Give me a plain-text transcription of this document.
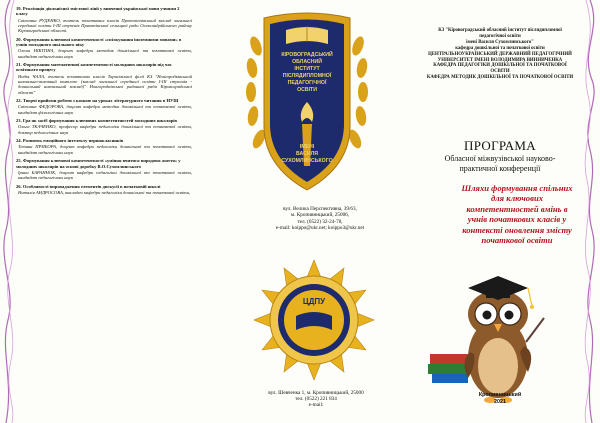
19. Реалізація діяльнісної змістової лінії у вивченні української мови учнями 2 класу
Світлана РУДЕНКО, вчитель початкових класів Протопопівський заклад загальної середньої освіти І-ІІІ ступенів Приютівської селищної ради Олександрійського району Кіровоградської області.
20. Формування ключової компетентності «спілкування іноземними мовами» в учнів молодшого шкільного віку
Олена НІКІТІНА, доцент кафедри методик дошкільної та початкової освіти, кандидат педагогічних наук
21. Формування математичної компетентності молодших школярів під час освітнього процесу
Надія ЧАЛА, вчитель початкових класів Тарасівської філії КЗ "Новгородківський навчально-виховний комплекс (заклад загальної середньої освіти І-ІІІ ступенів - дошкільний навчальний заклад)" Новгородківської районної ради Кіровоградської області"
22. Творчі прийоми роботи з казкою на уроках літературного читання в НУШ
Світлана ФЕДОРОВА, доцент кафедри методик дошкільної та початкової освіти, кандидат філологічних наук
23. Гра як засіб формування ключових компетентностей молодших школярів
Ольга ТКАЧЕНКО, професор кафедри педагогіки дошкільної та початкової освіти, доктор педагогічних наук
24. Розвиток емоційного інтелекту першокласників
Тетяна ПРИБОРА, доцент кафедри педагогіки дошкільної та початкової освіти, кандидат педагогічних наук
25. Формування ключової компетентності «уміння вчитися впродовж життя» у молодших школярів на основі доробку В.О.Сухомлинського
Ірина БАРАННОК, доцент кафедри педагогіки дошкільної та початкової освіти, кандидат педагогічних наук
26. Особливості впровадження елементів дискусії в початковій школі
Наталія АНДРОСОВА, викладач кафедри педагогіки дошкільної та початкової освіти,
КІРОВОГРАДСЬКИЙ
ОБЛАСНИЙ
ІНСТИТУТ
ПІСЛЯДИПЛОМНОЇ
ПЕДАГОГІЧНОЇ
ОСВІТИ
ІМЕНІ
ВАСИЛЯ
СУХОМЛИНСЬКОГО
вул. Велика Перспективна, 39/63,
м. Кропивницький, 25006,
тел. (0522) 32-24-78,
e-mail: koippo@ukr.net; koippo3@ukr.net
ЦДПУ
вул. Шевченка 1, м. Кропивницький, 25000
тел. (0522) 221 834
e-mail:
КЗ "Кіровоградський обласний інститут післядипломної
педагогічної освіти
імені Василя Сухомлинського"
кафедра дошкільної та початкової освіти
ЦЕНТРАЛЬНОУКРАЇНСЬКИЙ ДЕРЖАВНИЙ ПЕДАГОГІЧНИЙ
УНІВЕРСИТЕТ ІМЕНІ ВОЛОДИМИРА ВИННИЧЕНКА
КАФЕДРА ПЕДАГОГІКИ ДОШКІЛЬНОЇ ТА ПОЧАТКОВОЇ
ОСВІТИ
КАФЕДРА МЕТОДИК ДОШКІЛЬНОЇ ТА ПОЧАТКОВОЇ ОСВІТИ
ПРОГРАМА
Обласної міжвузівської науково-
практичної конференції
Шляхи формування спільних
для ключових
компетентностей вмінь в
учнів початкових класів у
контексті оновлення змісту
початкової освіти
Кропивницький
2021
